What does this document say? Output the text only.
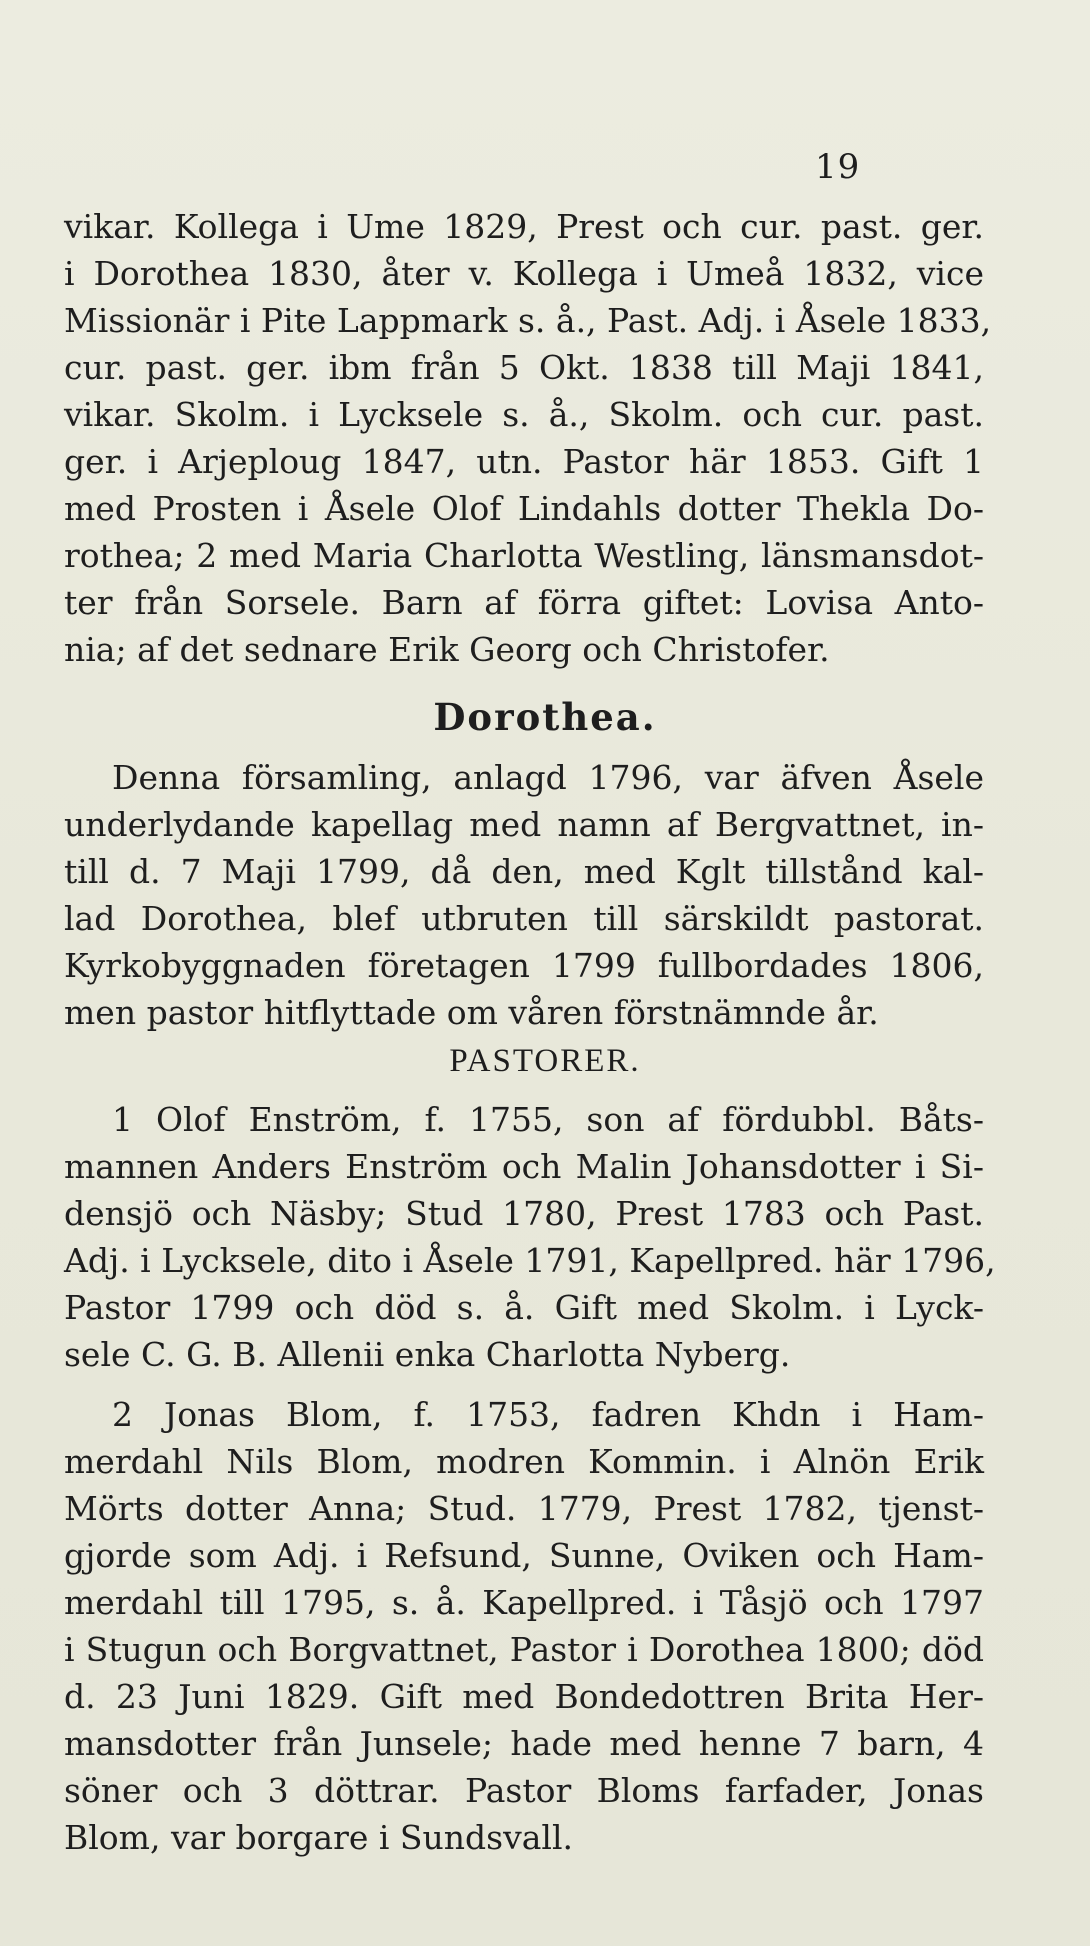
19
vikar. Kollega i Ume 1829, Prest och cur. past. ger.
i Dorothea 1830, åter v. Kollega i Umeå 1832, vice
Missionär i Pite Lappmark s. å., Past. Adj. i Åsele 1833,
cur. past. ger. ibm från 5 Okt. 1838 till Maji 1841,
vikar. Skolm. i Lycksele s. å., Skolm. och cur. past.
ger. i Arjeploug 1847, utn. Pastor här 1853. Gift 1
med Prosten i Åsele Olof Lindahls dotter Thekla Do-
rothea; 2 med Maria Charlotta Westling, länsmansdot-
ter från Sorsele. Barn af förra giftet: Lovisa Anto-
nia; af det sednare Erik Georg och Christofer.
Dorothea.
Denna församling, anlagd 1796, var äfven Åsele
underlydande kapellag med namn af Bergvattnet, in-
till d. 7 Maji 1799, då den, med Kglt tillstånd kal-
lad Dorothea, blef utbruten till särskildt pastorat.
Kyrkobyggnaden företagen 1799 fullbordades 1806,
men pastor hitflyttade om våren förstnämnde år.
PASTORER.
1 Olof Enström, f. 1755, son af fördubbl. Båts-
mannen Anders Enström och Malin Johansdotter i Si-
densjö och Näsby; Stud 1780, Prest 1783 och Past.
Adj. i Lycksele, dito i Åsele 1791, Kapellpred. här 1796,
Pastor 1799 och död s. å. Gift med Skolm. i Lyck-
sele C. G. B. Allenii enka Charlotta Nyberg.
2 Jonas Blom, f. 1753, fadren Khdn i Ham-
merdahl Nils Blom, modren Kommin. i Alnön Erik
Mörts dotter Anna; Stud. 1779, Prest 1782, tjenst-
gjorde som Adj. i Refsund, Sunne, Oviken och Ham-
merdahl till 1795, s. å. Kapellpred. i Tåsjö och 1797
i Stugun och Borgvattnet, Pastor i Dorothea 1800; död
d. 23 Juni 1829. Gift med Bondedottren Brita Her-
mansdotter från Junsele; hade med henne 7 barn, 4
söner och 3 döttrar. Pastor Bloms farfader, Jonas
Blom, var borgare i Sundsvall.
